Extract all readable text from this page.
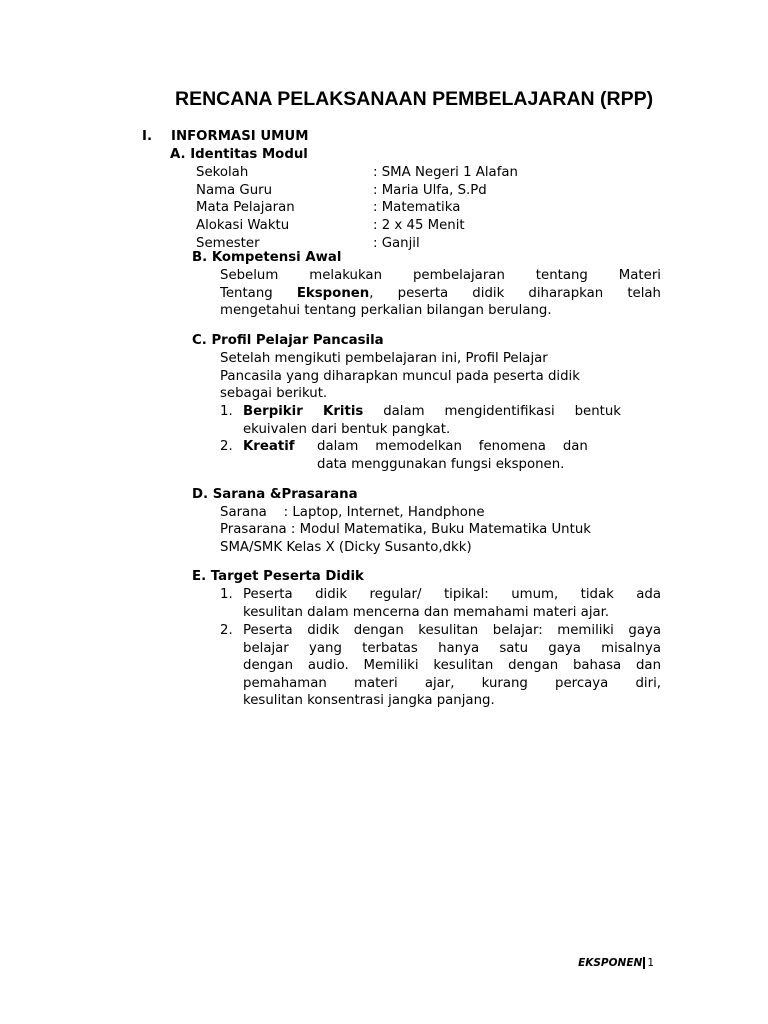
RENCANA PELAKSANAAN PEMBELAJARAN (RPP)
I. INFORMASI UMUM
A. Identitas Modul
Sekolah	: SMA Negeri 1 Alafan
Nama Guru	: Maria Ulfa, S.Pd
Mata Pelajaran	: Matematika
Alokasi Waktu	: 2 x 45 Menit
Semester	: Ganjil
B. Kompetensi Awal
Sebelum melakukan pembelajaran tentang Materi
Tentang Eksponen, peserta didik diharapkan telah
mengetahui tentang perkalian bilangan berulang.
C. Profil Pelajar Pancasila
Setelah mengikuti pembelajaran ini, Profil Pelajar
Pancasila yang diharapkan muncul pada peserta didik
sebagai berikut.
1. Berpikir Kritis dalam mengidentifikasi bentuk
ekuivalen dari bentuk pangkat.
2. Kreatif dalam    memodelkan    fenomena    dan
data menggunakan fungsi eksponen.
D. Sarana &Prasarana
Sarana    : Laptop, Internet, Handphone
Prasarana : Modul Matematika, Buku Matematika Untuk
SMA/SMK Kelas X (Dicky Susanto,dkk)
E. Target Peserta Didik
1. Peserta didik regular/ tipikal: umum, tidak ada
kesulitan dalam mencerna dan memahami materi ajar.
2. Peserta didik dengan kesulitan belajar: memiliki gaya
belajar yang terbatas hanya satu gaya misalnya
dengan audio. Memiliki kesulitan dengan bahasa dan
pemahaman materi ajar, kurang percaya diri,
kesulitan konsentrasi jangka panjang.
EKSPONEN 1
